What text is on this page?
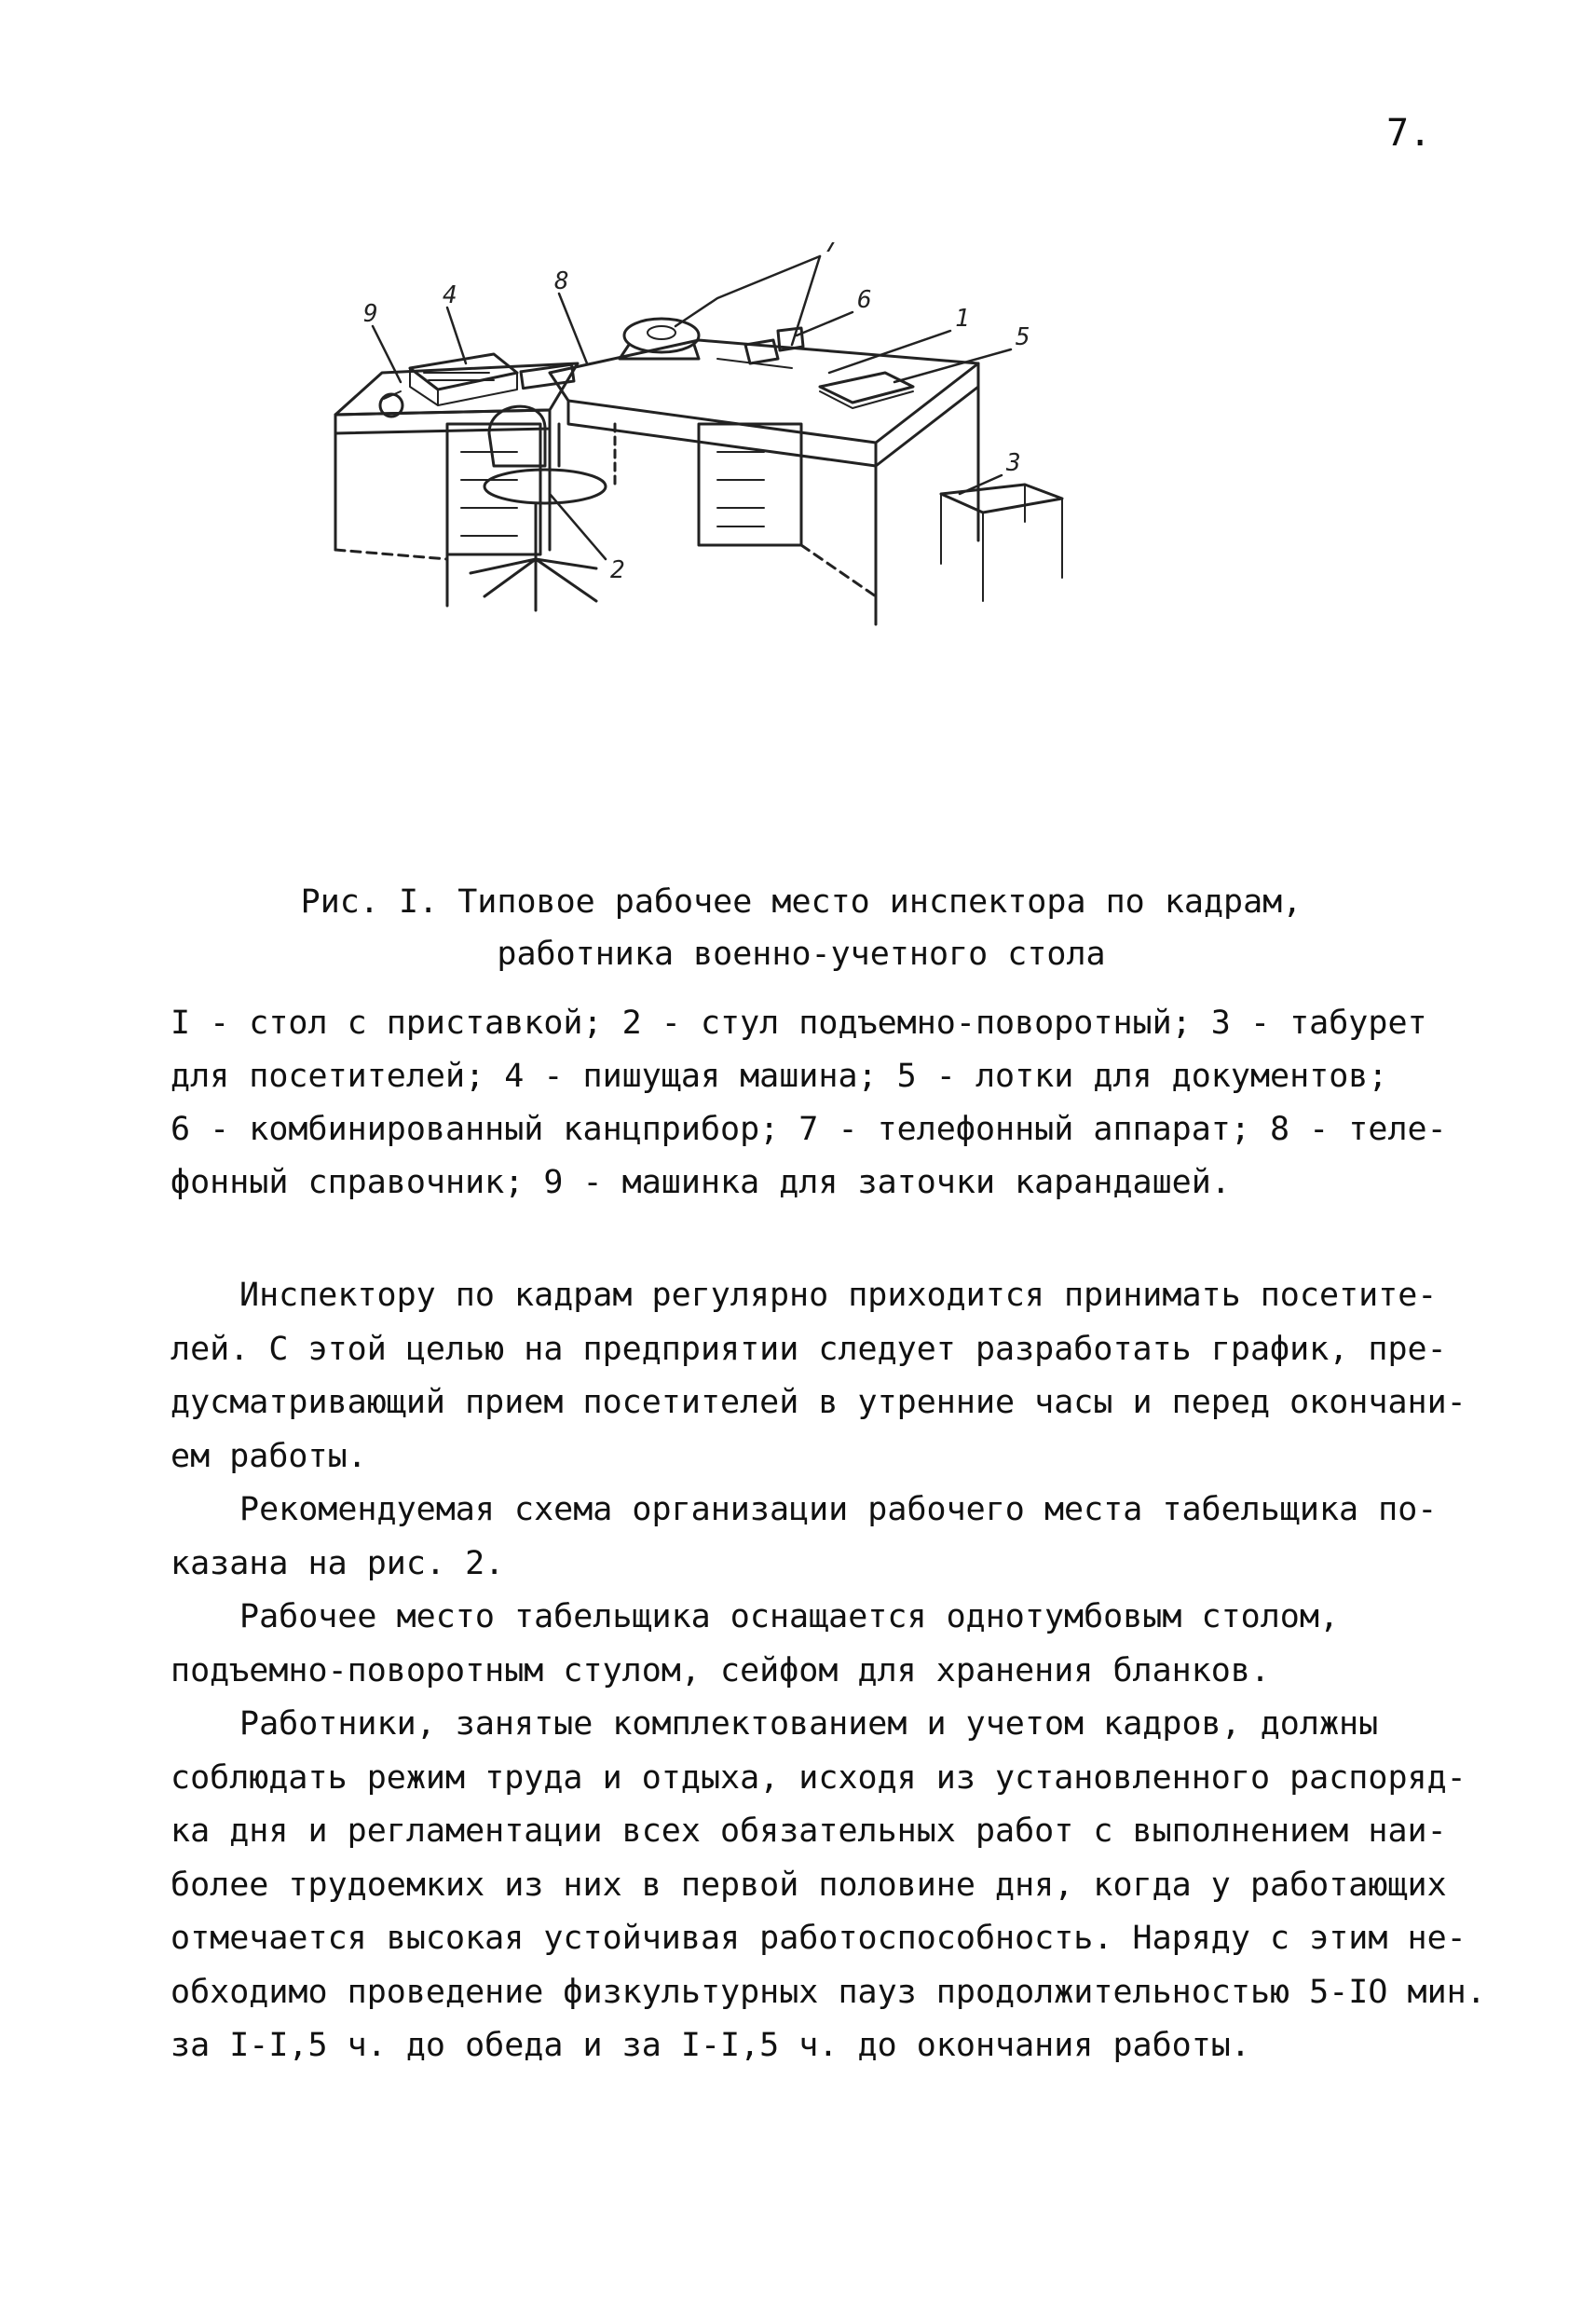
7.
7
8
6
4
1
5
9
2
3
Рис. I. Типовое рабочее место инспектора по кадрам,
работника военно-учетного стола
I - стол с приставкой; 2 - стул подъемно-поворотный; 3 - табурет
для посетителей; 4 - пишущая машина; 5 - лотки для документов;
6 - комбинированный канцприбор; 7 - телефонный аппарат; 8 - теле-
фонный справочник; 9 - машинка для заточки карандашей.
Инспектору по кадрам регулярно приходится принимать посетите-
лей. С этой целью на предприятии следует разработать график, пре-
дусматривающий прием посетителей в утренние часы и перед окончани-
ем работы.
Рекомендуемая схема организации рабочего места табельщика по-
казана на рис. 2.
Рабочее место табельщика оснащается однотумбовым столом,
подъемно-поворотным стулом, сейфом для хранения бланков.
Работники, занятые комплектованием и учетом кадров, должны
соблюдать режим труда и отдыха, исходя из установленного распоряд-
ка дня и регламентации всех обязательных работ с выполнением наи-
более трудоемких из них в первой половине дня, когда у работающих
отмечается высокая устойчивая работоспособность. Наряду с этим не-
обходимо проведение физкультурных пауз продолжительностью 5-IO мин.
за I-I,5 ч. до обеда и за I-I,5 ч. до окончания работы.
